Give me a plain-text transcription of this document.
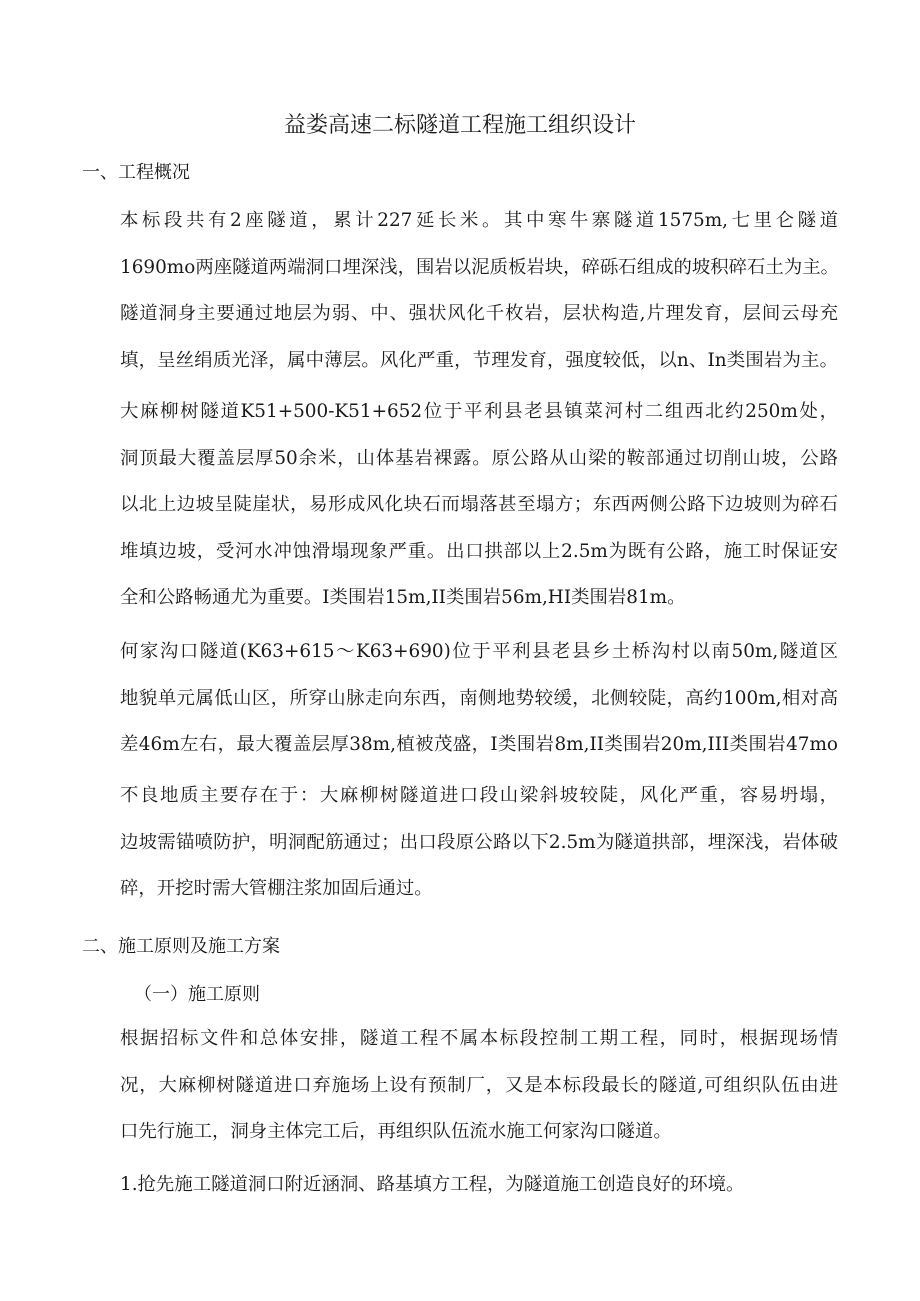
益娄高速二标隧道工程施工组织设计
一、工程概况
本标段共有2座隧道，累计227延长米。其中寒牛寨隧道1575m,七里仑隧道
1690mo两座隧道两端洞口埋深浅，围岩以泥质板岩块，碎砾石组成的坡积碎石土为主。
隧道洞身主要通过地层为弱、中、强状风化千枚岩，层状构造,片理发育，层间云母充
填，呈丝绢质光泽，属中薄层。风化严重，节理发育，强度较低，以n、In类围岩为主。
大麻柳树隧道K51+500-K51+652位于平利县老县镇菜河村二组西北约250m处，
洞顶最大覆盖层厚50余米，山体基岩裸露。原公路从山梁的鞍部通过切削山坡，公路
以北上边坡呈陡崖状，易形成风化块石而塌落甚至塌方；东西两侧公路下边坡则为碎石
堆填边坡，受河水冲蚀滑塌现象严重。出口拱部以上2.5m为既有公路，施工时保证安
全和公路畅通尤为重要。I类围岩15m,II类围岩56m,HI类围岩81m。
何家沟口隧道(K63+615～K63+690)位于平利县老县乡土桥沟村以南50m,隧道区
地貌单元属低山区，所穿山脉走向东西，南侧地势较缓，北侧较陡，高约100m,相对高
差46m左右，最大覆盖层厚38m,植被茂盛，I类围岩8m,II类围岩20m,III类围岩47mo
不良地质主要存在于：大麻柳树隧道进口段山梁斜坡较陡，风化严重，容易坍塌，
边坡需锚喷防护，明洞配筋通过；出口段原公路以下2.5m为隧道拱部，埋深浅，岩体破
碎，开挖时需大管棚注浆加固后通过。
二、施工原则及施工方案
（一）施工原则
根据招标文件和总体安排，隧道工程不属本标段控制工期工程，同时，根据现场情
况，大麻柳树隧道进口弃施场上设有预制厂，又是本标段最长的隧道,可组织队伍由进
口先行施工，洞身主体完工后，再组织队伍流水施工何家沟口隧道。
1.抢先施工隧道洞口附近涵洞、路基填方工程，为隧道施工创造良好的环境。
